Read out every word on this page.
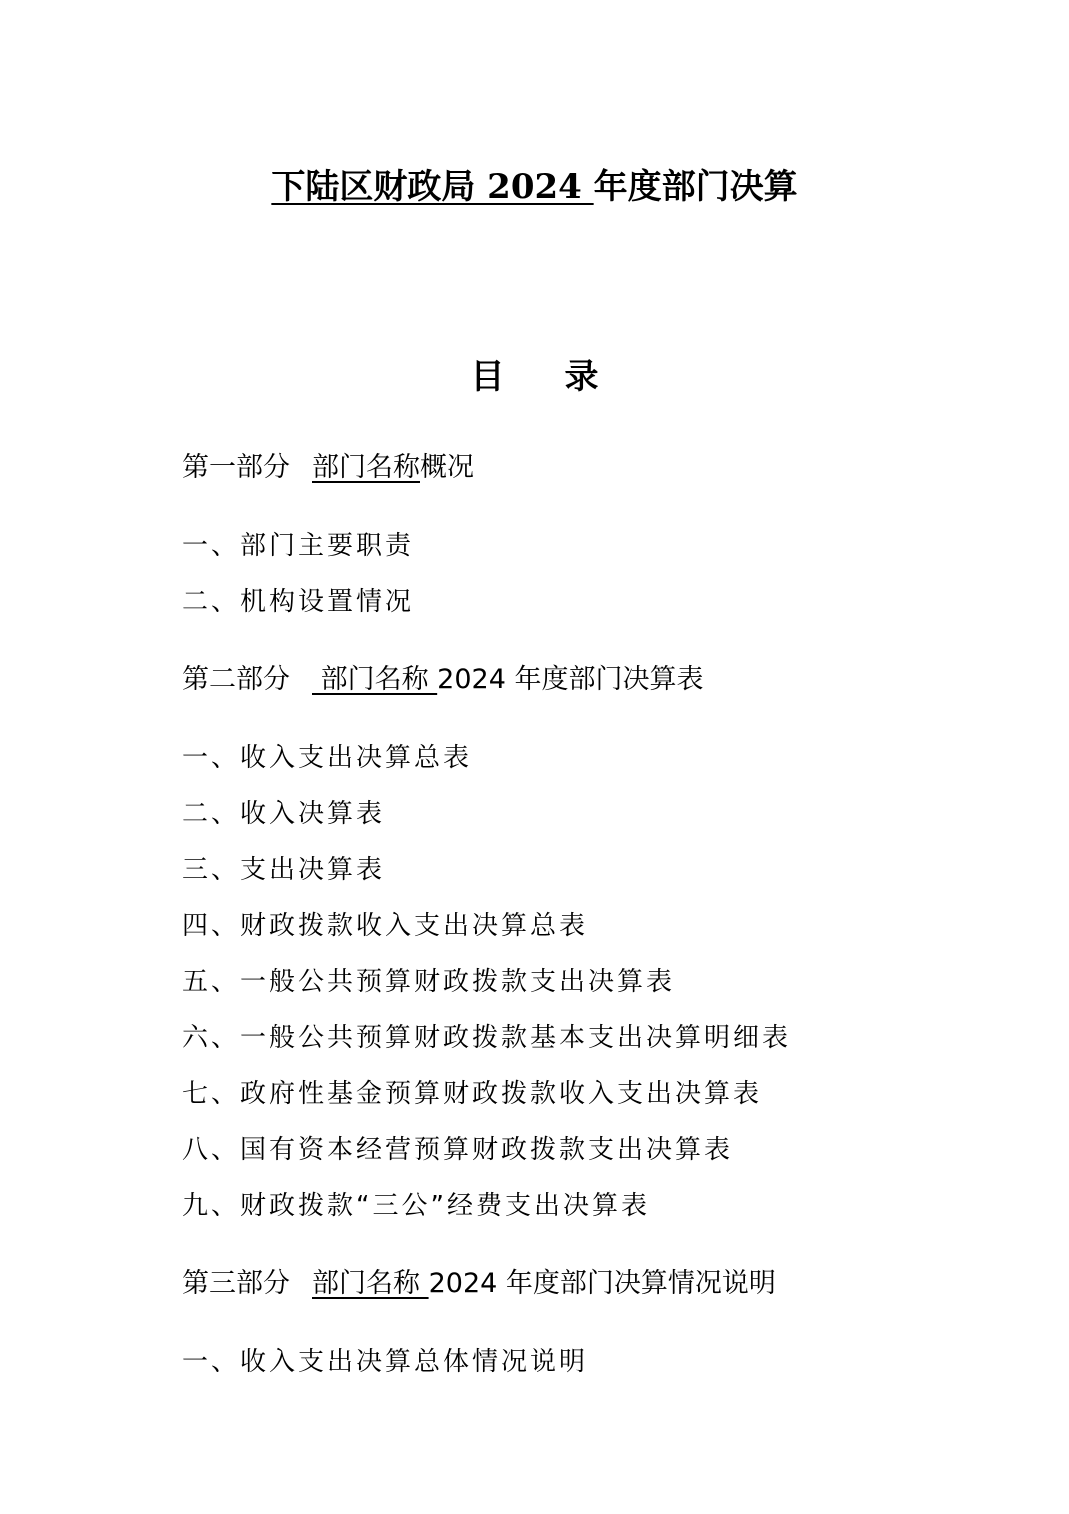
下陆区财政局 2024 年度部门决算
目录
第一部分 部门名称概况
一、部门主要职责
二、机构设置情况
第二部分 部门名称 2024 年度部门决算表
一、收入支出决算总表
二、收入决算表
三、支出决算表
四、财政拨款收入支出决算总表
五、一般公共预算财政拨款支出决算表
六、一般公共预算财政拨款基本支出决算明细表
七、政府性基金预算财政拨款收入支出决算表
八、国有资本经营预算财政拨款支出决算表
九、财政拨款“三公”经费支出决算表
第三部分 部门名称 2024 年度部门决算情况说明
一、收入支出决算总体情况说明
